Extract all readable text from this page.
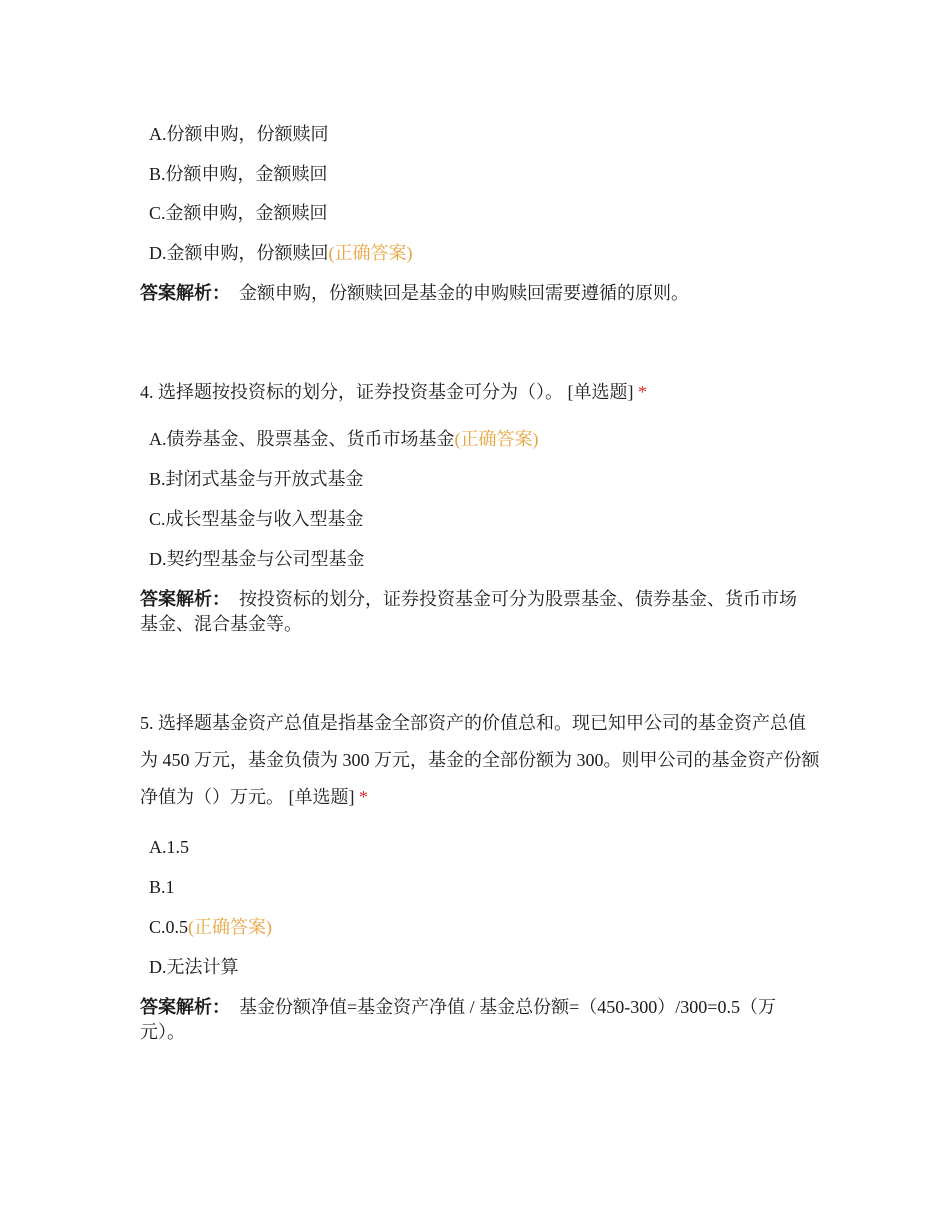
A.份额申购，份额赎同
B.份额申购，金额赎回
C.金额申购，金额赎回
D.金额申购，份额赎回(正确答案)
答案解析： 金额申购，份额赎回是基金的申购赎回需要遵循的原则。
4. 选择题按投资标的划分，证券投资基金可分为（）。 [单选题] *
A.债券基金、股票基金、货币市场基金(正确答案)
B.封闭式基金与开放式基金
C.成长型基金与收入型基金
D.契约型基金与公司型基金
答案解析： 按投资标的划分，证券投资基金可分为股票基金、债券基金、货币市场基金、混合基金等。
5. 选择题基金资产总值是指基金全部资产的价值总和。现已知甲公司的基金资产总值为 450 万元，基金负债为 300 万元，基金的全部份额为 300。则甲公司的基金资产份额净值为（）万元。 [单选题] *
A.1.5
B.1
C.0.5(正确答案)
D.无法计算
答案解析： 基金份额净值=基金资产净值 / 基金总份额=（450-300）/300=0.5（万元）。
